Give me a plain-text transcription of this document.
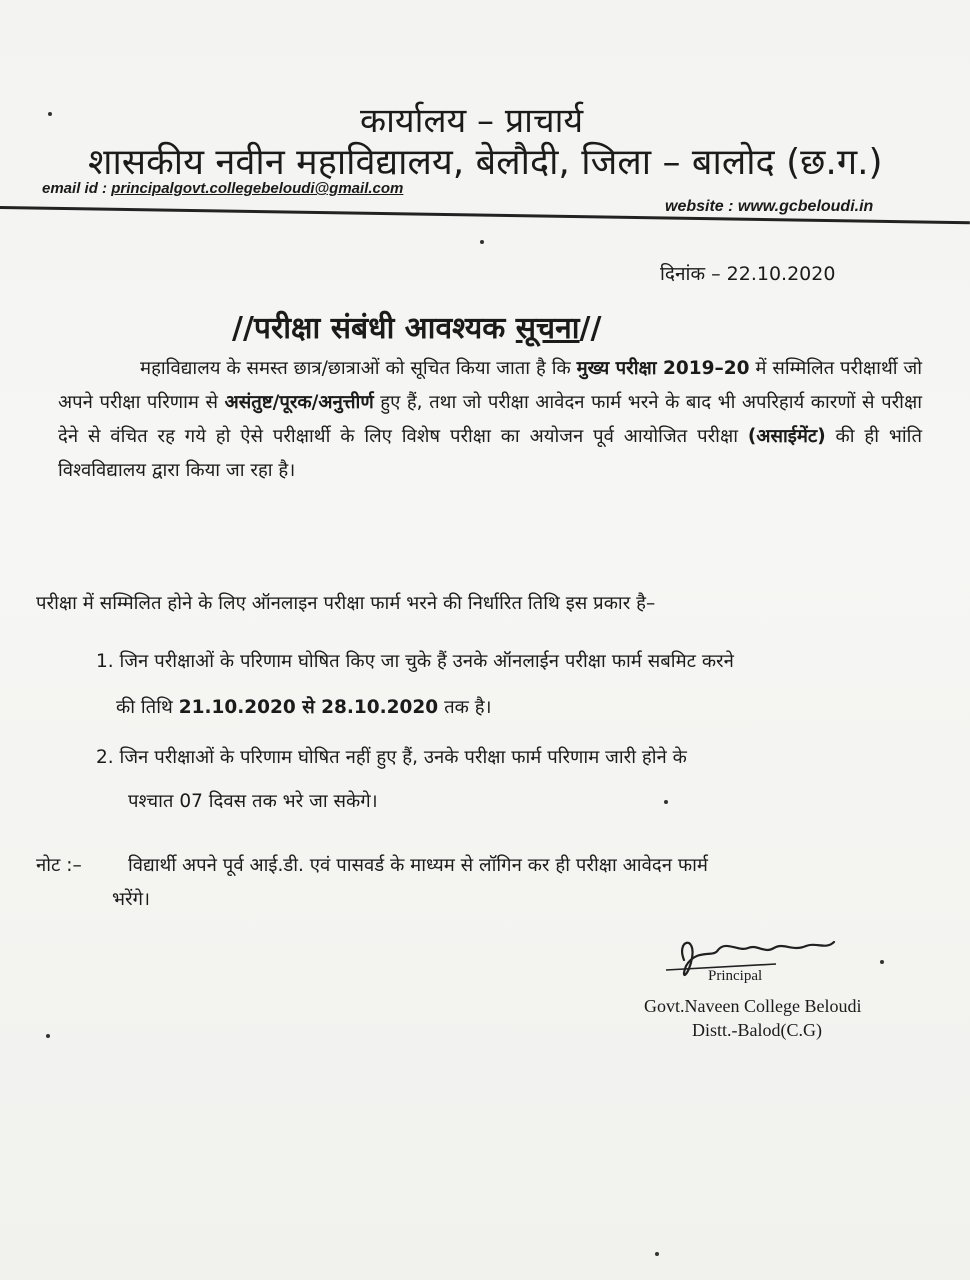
कार्यालय – प्राचार्य
शासकीय नवीन महाविद्यालय, बेलौदी, जिला – बालोद (छ.ग.)
email id : principalgovt.collegebeloudi@gmail.com
website : www.gcbeloudi.in
दिनांक – 22.10.2020
//परीक्षा संबंधी आवश्यक सूचना//
महाविद्यालय के समस्त छात्र/छात्राओं को सूचित किया जाता है कि मुख्य परीक्षा 2019–20 में सम्मिलित परीक्षार्थी जो अपने परीक्षा परिणाम से असंतुष्ट/पूरक/अनुत्तीर्ण हुए हैं, तथा जो परीक्षा आवेदन फार्म भरने के बाद भी अपरिहार्य कारणों से परीक्षा देने से वंचित रह गये हो ऐसे परीक्षार्थी के लिए विशेष परीक्षा का अयोजन पूर्व आयोजित परीक्षा (असाईमेंट) की ही भांति विश्वविद्यालय द्वारा किया जा रहा है।
परीक्षा में सम्मिलित होने के लिए ऑनलाइन परीक्षा फार्म भरने की निर्धारित तिथि इस प्रकार है–
1. जिन परीक्षाओं के परिणाम घोषित किए जा चुके हैं उनके ऑनलाईन परीक्षा फार्म सबमिट करने
की तिथि 21.10.2020 से 28.10.2020 तक है।
2. जिन परीक्षाओं के परिणाम घोषित नहीं हुए हैं, उनके परीक्षा फार्म परिणाम जारी होने के
पश्चात 07 दिवस तक भरे जा सकेगे।
नोट :–	विद्यार्थी अपने पूर्व आई.डी. एवं पासवर्ड के माध्यम से लॉगिन कर ही परीक्षा आवेदन फार्म
भरेंगे।
Principal
Govt.Naveen College Beloudi
Distt.-Balod(C.G)
